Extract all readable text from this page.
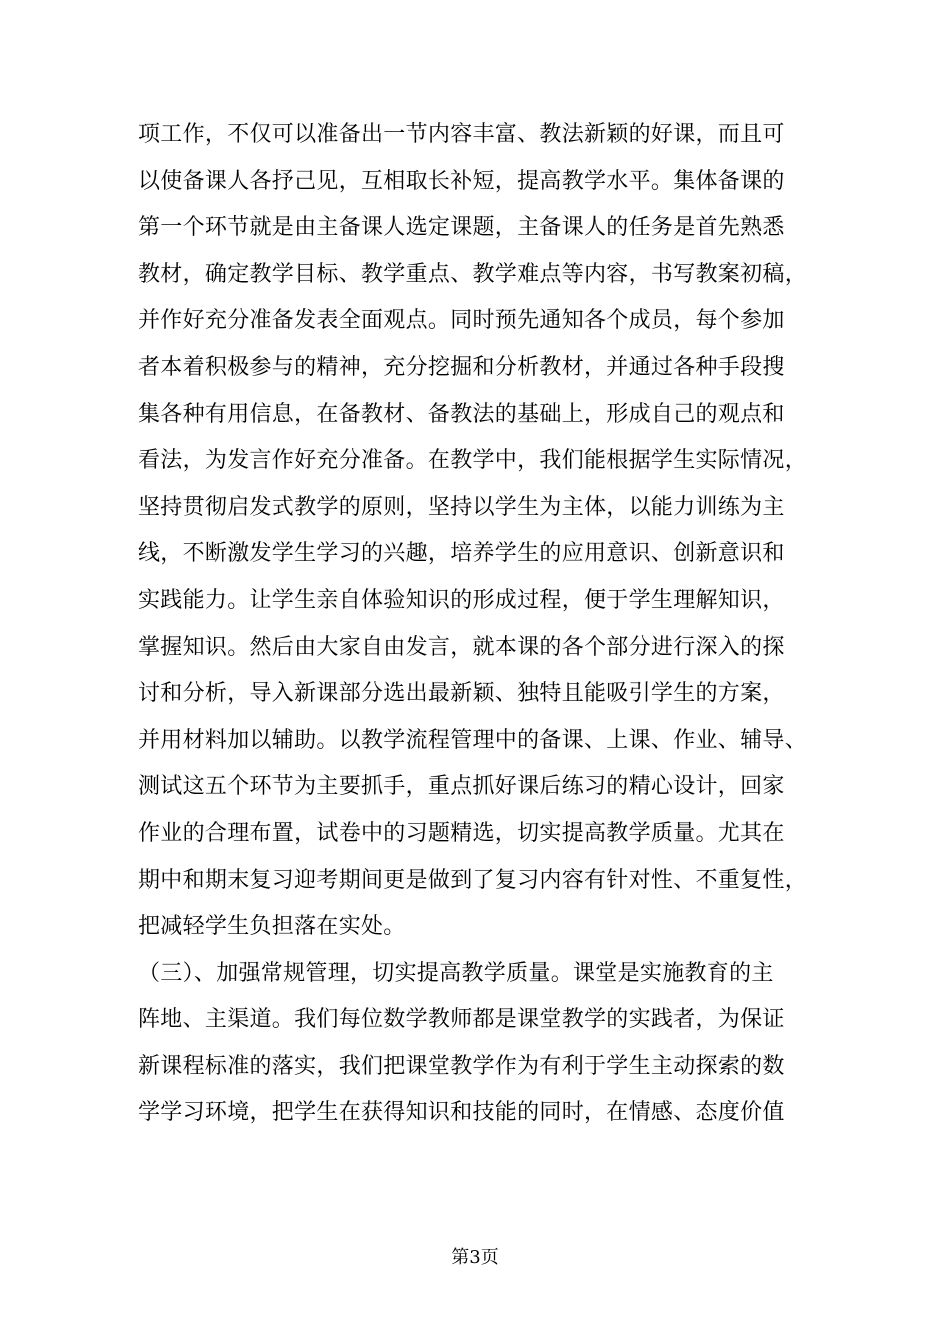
项工作，不仅可以准备出一节内容丰富、教法新颖的好课，而且可
以使备课人各抒己见，互相取长补短，提高教学水平。集体备课的
第一个环节就是由主备课人选定课题，主备课人的任务是首先熟悉
教材，确定教学目标、教学重点、教学难点等内容，书写教案初稿，
并作好充分准备发表全面观点。同时预先通知各个成员，每个参加
者本着积极参与的精神，充分挖掘和分析教材，并通过各种手段搜
集各种有用信息，在备教材、备教法的基础上，形成自己的观点和
看法，为发言作好充分准备。在教学中，我们能根据学生实际情况，
坚持贯彻启发式教学的原则，坚持以学生为主体，以能力训练为主
线，不断激发学生学习的兴趣，培养学生的应用意识、创新意识和
实践能力。让学生亲自体验知识的形成过程，便于学生理解知识，
掌握知识。然后由大家自由发言，就本课的各个部分进行深入的探
讨和分析，导入新课部分选出最新颖、独特且能吸引学生的方案，
并用材料加以辅助。以教学流程管理中的备课、上课、作业、辅导、
测试这五个环节为主要抓手，重点抓好课后练习的精心设计，回家
作业的合理布置，试卷中的习题精选，切实提高教学质量。尤其在
期中和期末复习迎考期间更是做到了复习内容有针对性、不重复性，
把减轻学生负担落在实处。
（三）、加强常规管理，切实提高教学质量。课堂是实施教育的主
阵地、主渠道。我们每位数学教师都是课堂教学的实践者，为保证
新课程标准的落实，我们把课堂教学作为有利于学生主动探索的数
学学习环境，把学生在获得知识和技能的同时，在情感、态度价值
第3页
